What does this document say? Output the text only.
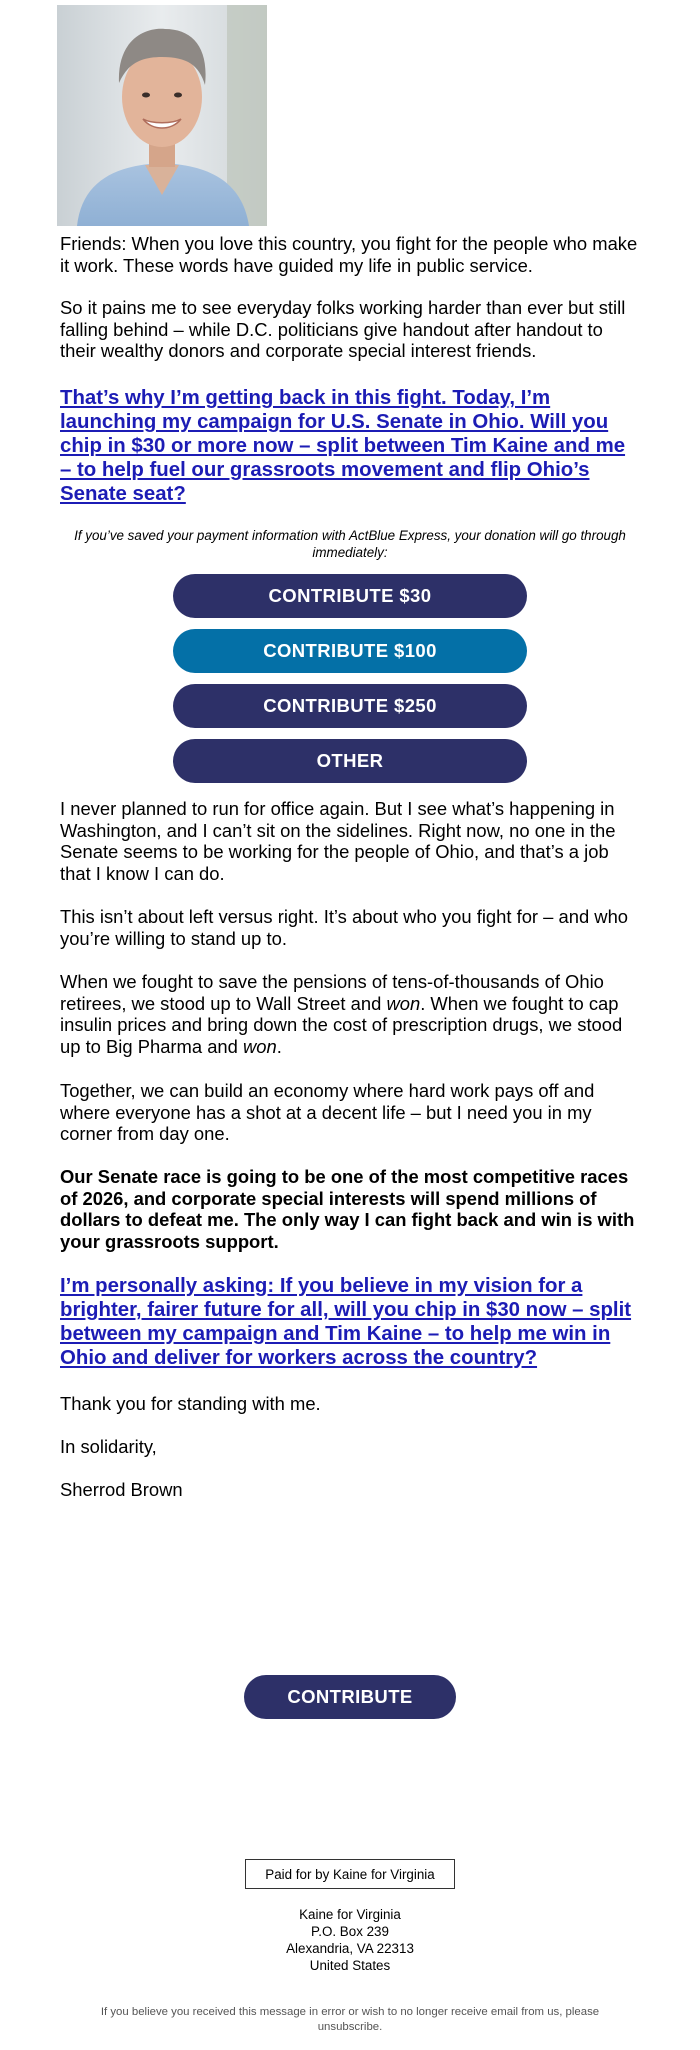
Friends: When you love this country, you fight for the people who make it work. These words have guided my life in public service.

So it pains me to see everyday folks working harder than ever but still falling behind – while D.C. politicians give handout after handout to their wealthy donors and corporate special interest friends.

That’s why I’m getting back in this fight. Today, I’m launching my campaign for U.S. Senate in Ohio. Will you chip in $30 or more now – split between Tim Kaine and me – to help fuel our grassroots movement and flip Ohio’s Senate seat?

If you’ve saved your payment information with ActBlue Express, your donation will go through immediately:

CONTRIBUTE $30
CONTRIBUTE $100
CONTRIBUTE $250
OTHER

I never planned to run for office again. But I see what’s happening in Washington, and I can’t sit on the sidelines. Right now, no one in the Senate seems to be working for the people of Ohio, and that’s a job that I know I can do.

This isn’t about left versus right. It’s about who you fight for – and who you’re willing to stand up to.

When we fought to save the pensions of tens-of-thousands of Ohio retirees, we stood up to Wall Street and won. When we fought to cap insulin prices and bring down the cost of prescription drugs, we stood up to Big Pharma and won.

Together, we can build an economy where hard work pays off and where everyone has a shot at a decent life – but I need you in my corner from day one.

Our Senate race is going to be one of the most competitive races of 2026, and corporate special interests will spend millions of dollars to defeat me. The only way I can fight back and win is with your grassroots support.

I’m personally asking: If you believe in my vision for a brighter, fairer future for all, will you chip in $30 now – split between my campaign and Tim Kaine – to help me win in Ohio and deliver for workers across the country?

Thank you for standing with me.

In solidarity,

Sherrod Brown

CONTRIBUTE
Paid for by Kaine for Virginia

Kaine for Virginia

P.O. Box 239

Alexandria, VA 22313

United States

If you believe you received this message in error or wish to no longer receive email from us, please unsubscribe.
